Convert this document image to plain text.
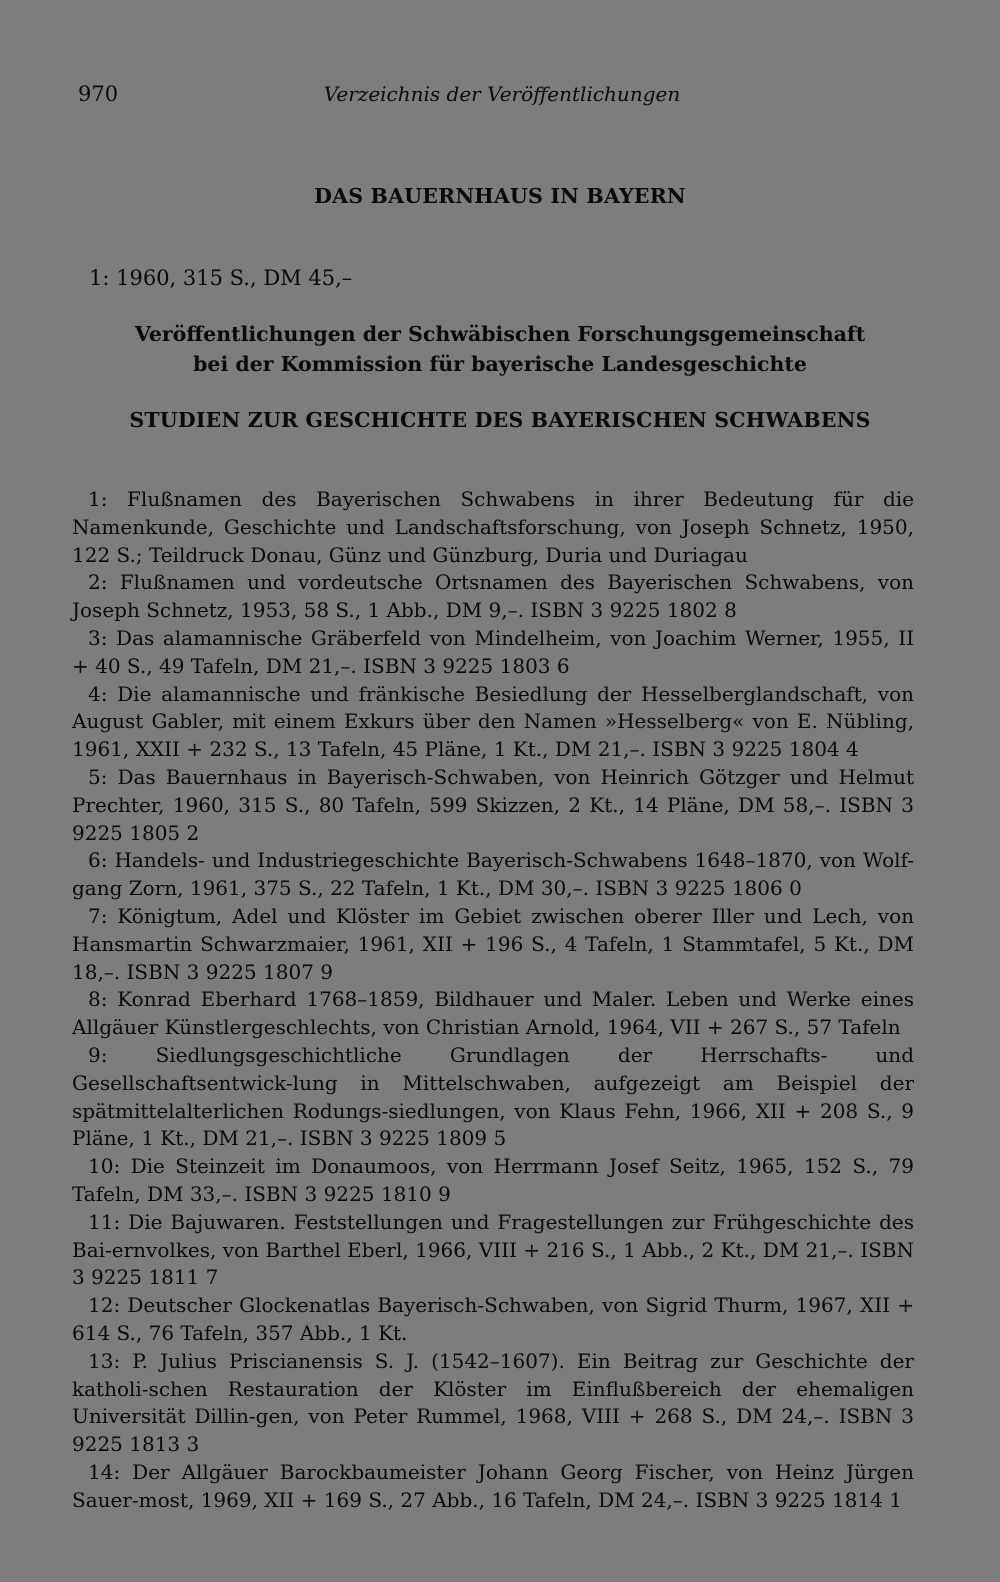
970	Verzeichnis der Veröffentlichungen
DAS BAUERNHAUS IN BAYERN
1: 1960, 315 S., DM 45,–
Veröffentlichungen der Schwäbischen Forschungsgemeinschaft
bei der Kommission für bayerische Landesgeschichte
STUDIEN ZUR GESCHICHTE DES BAYERISCHEN SCHWABENS

1: Flußnamen des Bayerischen Schwabens in ihrer Bedeutung für die Namenkunde, Geschichte und Landschaftsforschung, von Joseph Schnetz, 1950, 122 S.; Teildruck Donau, Günz und Günzburg, Duria und Duriagau

2: Flußnamen und vordeutsche Ortsnamen des Bayerischen Schwabens, von Joseph Schnetz, 1953, 58 S., 1 Abb., DM 9,–. ISBN 3 9225 1802 8

3: Das alamannische Gräberfeld von Mindelheim, von Joachim Werner, 1955, II + 40 S., 49 Tafeln, DM 21,–. ISBN 3 9225 1803 6

4: Die alamannische und fränkische Besiedlung der Hesselberglandschaft, von August Gabler, mit einem Exkurs über den Namen »Hesselberg« von E. Nübling, 1961, XXII + 232 S., 13 Tafeln, 45 Pläne, 1 Kt., DM 21,–. ISBN 3 9225 1804 4

5: Das Bauernhaus in Bayerisch-Schwaben, von Heinrich Götzger und Helmut Prechter, 1960, 315 S., 80 Tafeln, 599 Skizzen, 2 Kt., 14 Pläne, DM 58,–. ISBN 3 9225 1805 2

6: Handels- und Industriegeschichte Bayerisch-Schwabens 1648–1870, von Wolf-gang Zorn, 1961, 375 S., 22 Tafeln, 1 Kt., DM 30,–. ISBN 3 9225 1806 0

7: Königtum, Adel und Klöster im Gebiet zwischen oberer Iller und Lech, von Hansmartin Schwarzmaier, 1961, XII + 196 S., 4 Tafeln, 1 Stammtafel, 5 Kt., DM 18,–. ISBN 3 9225 1807 9

8: Konrad Eberhard 1768–1859, Bildhauer und Maler. Leben und Werke eines Allgäuer Künstlergeschlechts, von Christian Arnold, 1964, VII + 267 S., 57 Tafeln

9: Siedlungsgeschichtliche Grundlagen der Herrschafts- und Gesellschaftsentwick-lung in Mittelschwaben, aufgezeigt am Beispiel der spätmittelalterlichen Rodungs-siedlungen, von Klaus Fehn, 1966, XII + 208 S., 9 Pläne, 1 Kt., DM 21,–. ISBN 3 9225 1809 5

10: Die Steinzeit im Donaumoos, von Herrmann Josef Seitz, 1965, 152 S., 79 Tafeln, DM 33,–. ISBN 3 9225 1810 9

11: Die Bajuwaren. Feststellungen und Fragestellungen zur Frühgeschichte des Bai-ernvolkes, von Barthel Eberl, 1966, VIII + 216 S., 1 Abb., 2 Kt., DM 21,–. ISBN 3 9225 1811 7

12: Deutscher Glockenatlas Bayerisch-Schwaben, von Sigrid Thurm, 1967, XII + 614 S., 76 Tafeln, 357 Abb., 1 Kt.

13: P. Julius Priscianensis S. J. (1542–1607). Ein Beitrag zur Geschichte der katholi-schen Restauration der Klöster im Einflußbereich der ehemaligen Universität Dillin-gen, von Peter Rummel, 1968, VIII + 268 S., DM 24,–. ISBN 3 9225 1813 3

14: Der Allgäuer Barockbaumeister Johann Georg Fischer, von Heinz Jürgen Sauer-most, 1969, XII + 169 S., 27 Abb., 16 Tafeln, DM 24,–. ISBN 3 9225 1814 1
